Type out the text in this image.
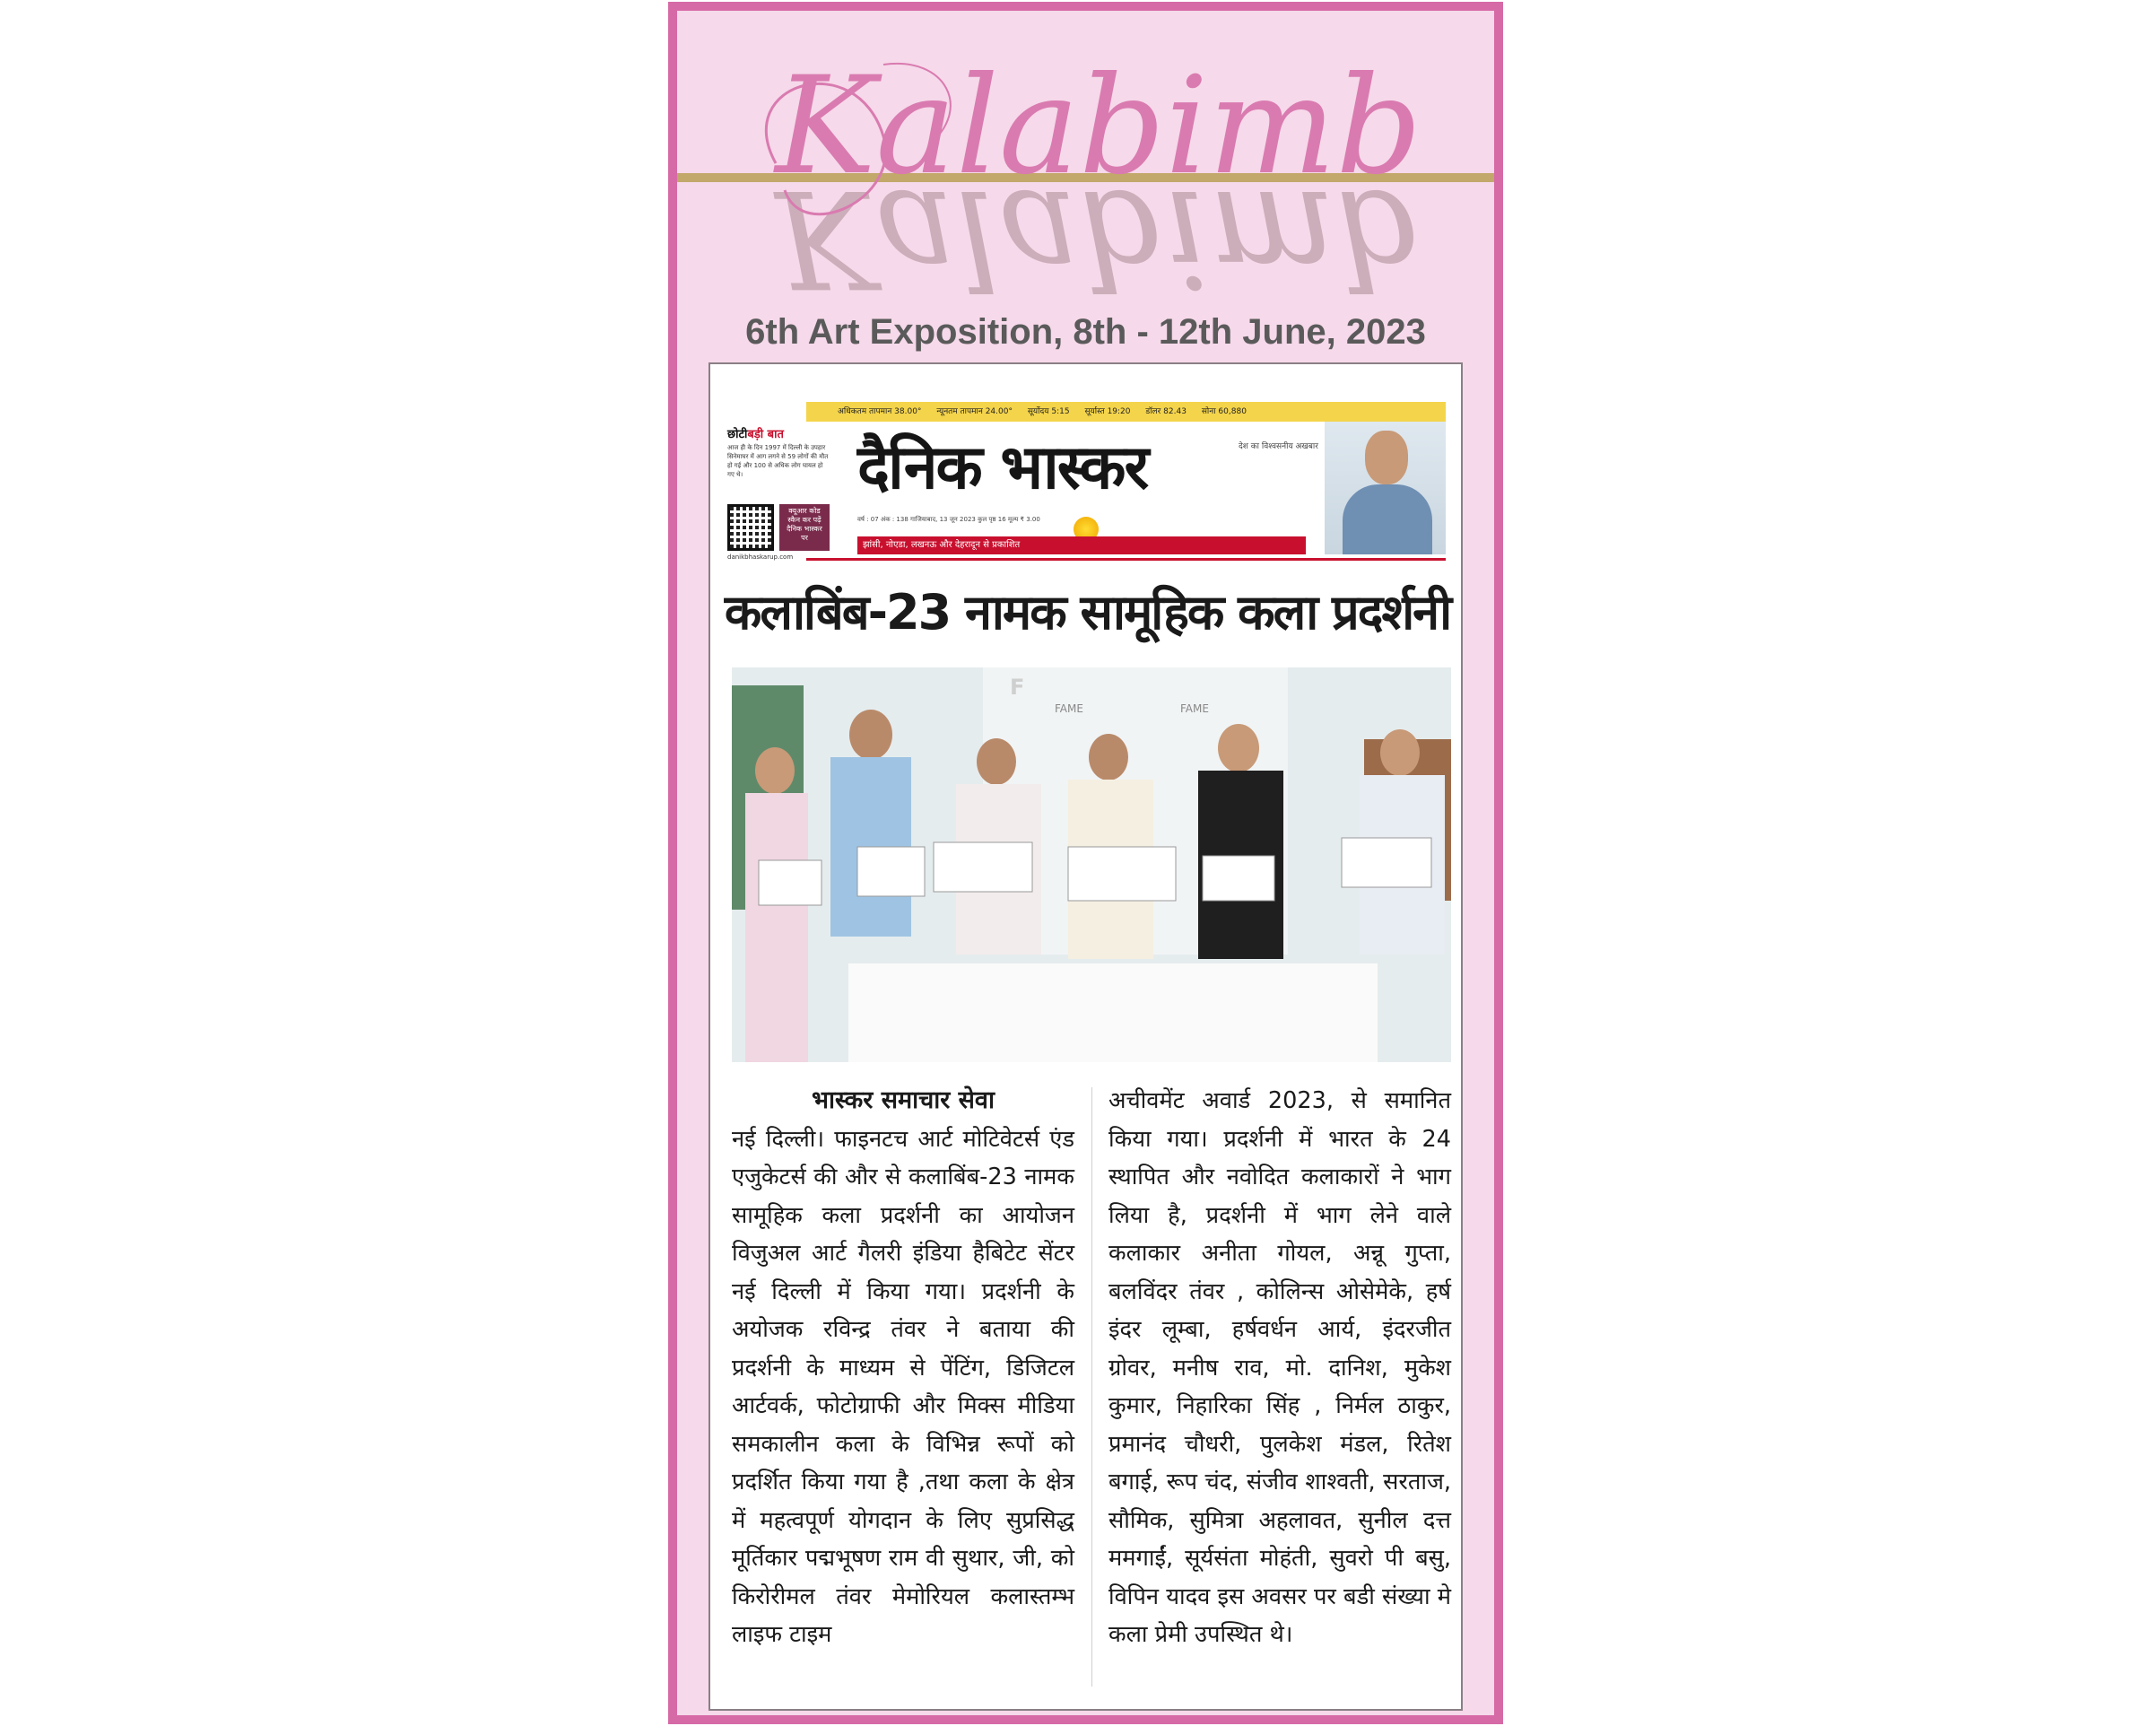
Kalabimb
Kalabimb
6th Art Exposition, 8th - 12th June, 2023
अधिकतम तापमान 38.00° न्यूनतम तापमान 24.00° सूर्योदय 5:15 सूर्यास्त 19:20 डॉलर 82.43 सोना 60,880
छोटीबड़ी बात
आज ही के दिन 1997 में दिल्ली के उपहार सिनेमाघर में आग लगने से 59 लोगों की मौत हो गई और 100 से अधिक लोग घायल हो गए थे।
क्यूआर कोड स्कैन कर पढ़ें दैनिक भास्कर पर
danikbhaskarup.com
देश का विश्वसनीय अखबार
दैनिक भास्कर
वर्ष : 07 अंक : 138 गाजियाबाद, 13 जून 2023 कुल पृष्ठ 16 मूल्य ₹ 3.00
झांसी, नोएडा, लखनऊ और देहरादून से प्रकाशित
कलाबिंब-23 नामक सामूहिक कला प्रदर्शनी
F
FAME	FAME
भास्कर समाचार सेवा
नई दिल्ली। फाइनटच आर्ट मोटिवेटर्स एंड एजुकेटर्स की और से कलाबिंब-23 नामक सामूहिक कला प्रदर्शनी का आयोजन विजुअल आर्ट गैलरी इंडिया हैबिटेट सेंटर नई दिल्ली में किया गया। प्रदर्शनी के अयोजक रविन्द्र तंवर ने बताया की प्रदर्शनी के माध्यम से पेंटिंग, डिजिटल आर्टवर्क, फोटोग्राफी और मिक्स मीडिया समकालीन कला के विभिन्न रूपों को प्रदर्शित किया गया है ,तथा कला के क्षेत्र में महत्वपूर्ण योगदान के लिए सुप्रसिद्ध मूर्तिकार पद्मभूषण राम वी सुथार, जी, को किरोरीमल तंवर मेमोरियल कलास्तम्भ लाइफ टाइम
अचीवमेंट अवार्ड 2023, से समानित किया गया। प्रदर्शनी में भारत के 24 स्थापित और नवोदित कलाकारों ने भाग लिया है, प्रदर्शनी में भाग लेने वाले कलाकार अनीता गोयल, अन्नू गुप्ता, बलविंदर तंवर , कोलिन्स ओसेमेके, हर्ष इंदर लूम्बा, हर्षवर्धन आर्य, इंदरजीत ग्रोवर, मनीष राव, मो. दानिश, मुकेश कुमार, निहारिका सिंह , निर्मल ठाकुर, प्रमानंद चौधरी, पुलकेश मंडल, रितेश बगाई, रूप चंद, संजीव शाश्वती, सरताज, सौमिक, सुमित्रा अहलावत, सुनील दत्त ममगाईं, सूर्यसंता मोहंती, सुवरो पी बसु, विपिन यादव इस अवसर पर बडी संख्या मे कला प्रेमी उपस्थित थे।
